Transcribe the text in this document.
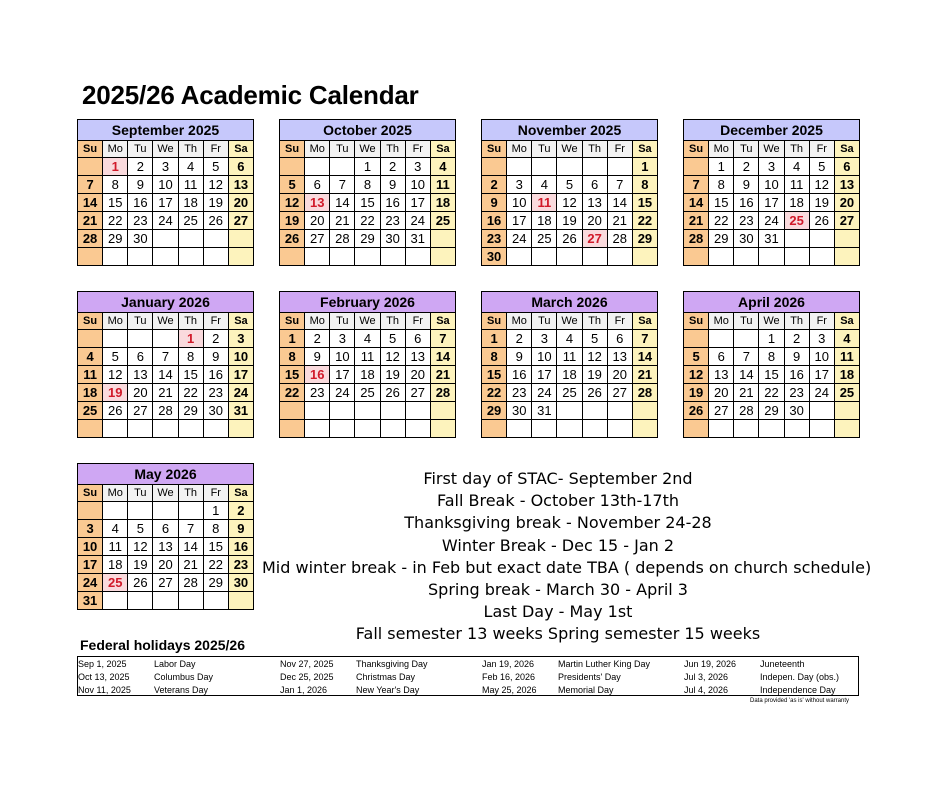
2025/26 Academic Calendar
September 2025						
Su	Mo	Tu	We	Th	Fr	Sa
	1	2	3	4	5	6
7	8	9	10	11	12	13
14	15	16	17	18	19	20
21	22	23	24	25	26	27
28	29	30				

October 2025						
Su	Mo	Tu	We	Th	Fr	Sa
			1	2	3	4
5	6	7	8	9	10	11
12	13	14	15	16	17	18
19	20	21	22	23	24	25
26	27	28	29	30	31	

November 2025						
Su	Mo	Tu	We	Th	Fr	Sa
						1
2	3	4	5	6	7	8
9	10	11	12	13	14	15
16	17	18	19	20	21	22
23	24	25	26	27	28	29
30						
December 2025						
Su	Mo	Tu	We	Th	Fr	Sa
	1	2	3	4	5	6
7	8	9	10	11	12	13
14	15	16	17	18	19	20
21	22	23	24	25	26	27
28	29	30	31			

January 2026						
Su	Mo	Tu	We	Th	Fr	Sa
				1	2	3
4	5	6	7	8	9	10
11	12	13	14	15	16	17
18	19	20	21	22	23	24
25	26	27	28	29	30	31

February 2026						
Su	Mo	Tu	We	Th	Fr	Sa
1	2	3	4	5	6	7
8	9	10	11	12	13	14
15	16	17	18	19	20	21
22	23	24	25	26	27	28

March 2026						
Su	Mo	Tu	We	Th	Fr	Sa
1	2	3	4	5	6	7
8	9	10	11	12	13	14
15	16	17	18	19	20	21
22	23	24	25	26	27	28
29	30	31				

April 2026						
Su	Mo	Tu	We	Th	Fr	Sa
			1	2	3	4
5	6	7	8	9	10	11
12	13	14	15	16	17	18
19	20	21	22	23	24	25
26	27	28	29	30		

May 2026						
Su	Mo	Tu	We	Th	Fr	Sa
					1	2
3	4	5	6	7	8	9
10	11	12	13	14	15	16
17	18	19	20	21	22	23
24	25	26	27	28	29	30
31						
First day of STAC- September 2nd
Fall Break - October 13th-17th
Thanksgiving break - November 24-28
Winter Break - Dec 15 - Jan 2
Mid winter break - in Feb but exact date TBA ( depends on church schedule)
Spring break - March 30 - April 3
Last Day - May 1st
Fall semester 13 weeks Spring semester 15 weeks
Federal holidays 2025/26
Sep 1, 2025	Labor Day
Oct 13, 2025	Columbus Day
Nov 11, 2025	Veterans Day
Nov 27, 2025 Thanksgiving Day
Dec 25, 2025 Christmas Day
Jan 1, 2026	New Year's Day
Jan 19, 2026	Martin Luther King Day
Feb 16, 2026	Presidents' Day
May 25, 2026 Memorial Day
Jun 19, 2026	Juneteenth
Jul 3, 2026	Indepen. Day (obs.)
Jul 4, 2026	Independence Day
Data provided 'as is' without warranty
